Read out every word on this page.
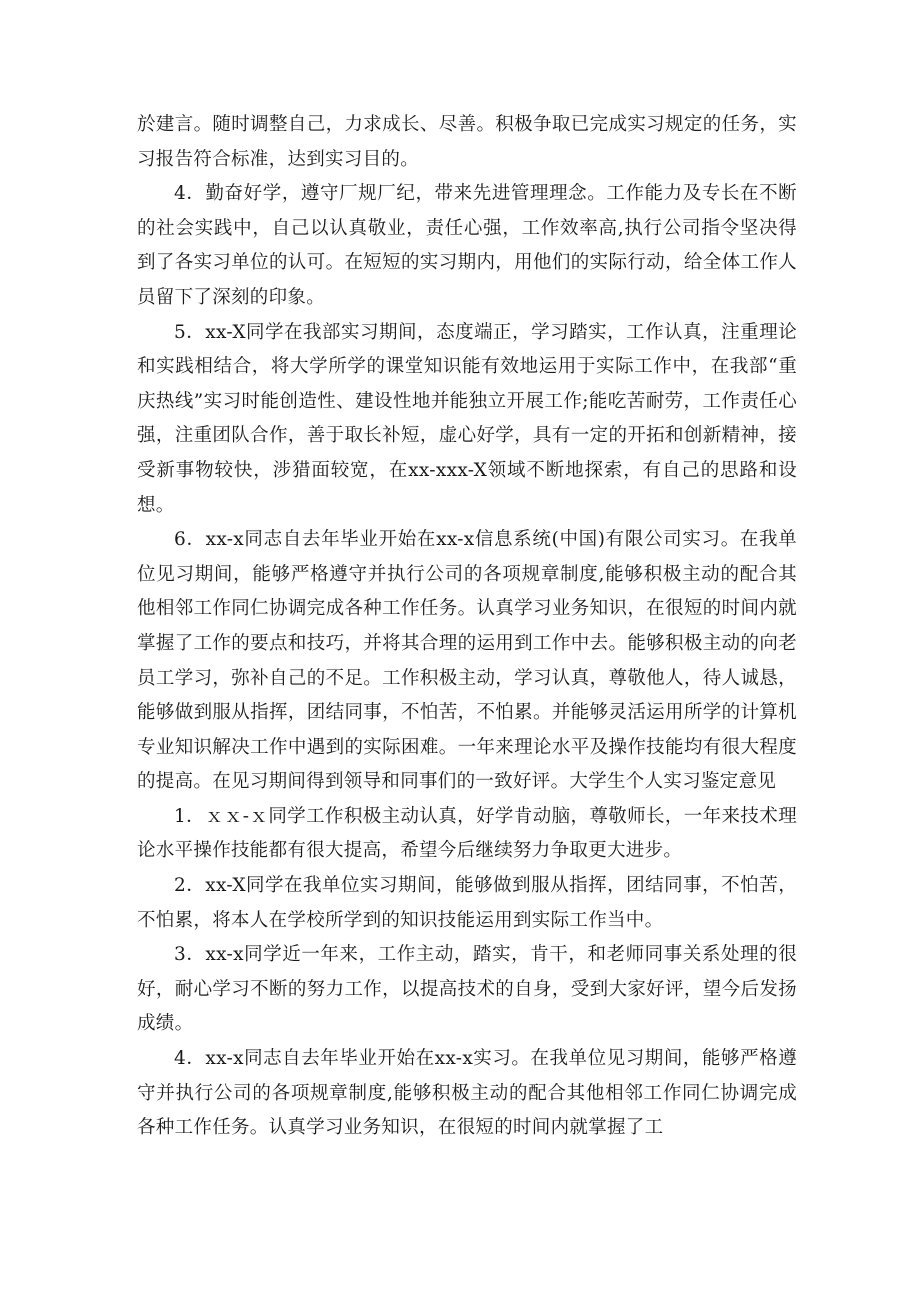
於建言。随时调整自己，力求成长、尽善。积极争取已完成实习规定的任务，实习报告符合标准，达到实习目的。

4．勤奋好学，遵守厂规厂纪，带来先进管理理念。工作能力及专长在不断的社会实践中，自己以认真敬业，责任心强，工作效率高,执行公司指令坚决得到了各实习单位的认可。在短短的实习期内，用他们的实际行动，给全体工作人员留下了深刻的印象。

5．xx-X同学在我部实习期间，态度端正，学习踏实，工作认真，注重理论和实践相结合，将大学所学的课堂知识能有效地运用于实际工作中，在我部“重庆热线”实习时能创造性、建设性地并能独立开展工作;能吃苦耐劳，工作责任心强，注重团队合作，善于取长补短，虚心好学，具有一定的开拓和创新精神，接受新事物较快，涉猎面较宽，在xx-xxx-X领域不断地探索，有自己的思路和设想。

6．xx-x同志自去年毕业开始在xx-x信息系统(中国)有限公司实习。在我单位见习期间，能够严格遵守并执行公司的各项规章制度,能够积极主动的配合其他相邻工作同仁协调完成各种工作任务。认真学习业务知识，在很短的时间内就掌握了工作的要点和技巧，并将其合理的运用到工作中去。能够积极主动的向老员工学习，弥补自己的不足。工作积极主动，学习认真，尊敬他人，待人诚恳，能够做到服从指挥，团结同事，不怕苦，不怕累。并能够灵活运用所学的计算机专业知识解决工作中遇到的实际困难。一年来理论水平及操作技能均有很大程度的提高。在见习期间得到领导和同事们的一致好评。大学生个人实习鉴定意见

1．ｘｘ-ｘ同学工作积极主动认真，好学肯动脑，尊敬师长，一年来技术理论水平操作技能都有很大提高，希望今后继续努力争取更大进步。

2．xx-X同学在我单位实习期间，能够做到服从指挥，团结同事，不怕苦，不怕累，将本人在学校所学到的知识技能运用到实际工作当中。

3．xx-x同学近一年来，工作主动，踏实，肯干，和老师同事关系处理的很好，耐心学习不断的努力工作，以提高技术的自身，受到大家好评，望今后发扬成绩。

4．xx-x同志自去年毕业开始在xx-x实习。在我单位见习期间，能够严格遵守并执行公司的各项规章制度,能够积极主动的配合其他相邻工作同仁协调完成各种工作任务。认真学习业务知识，在很短的时间内就掌握了工
